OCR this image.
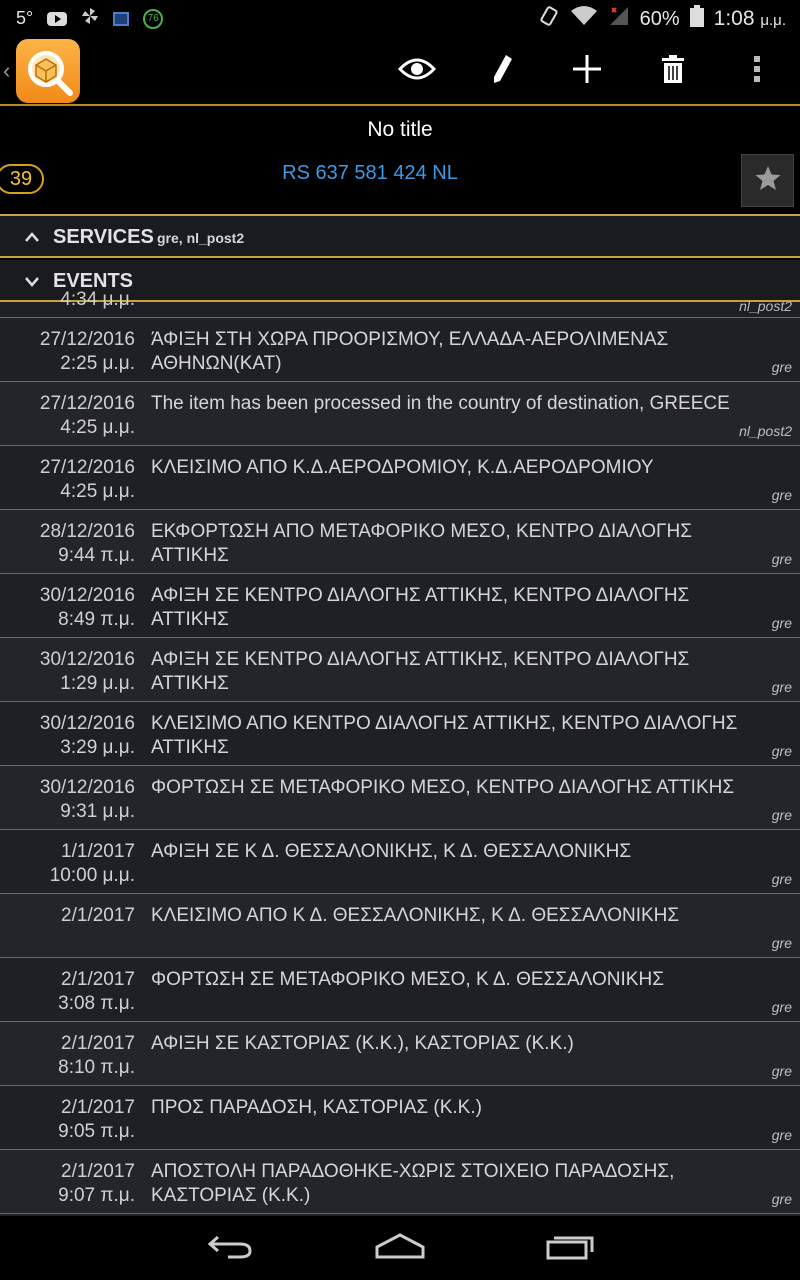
5°	76	60% 1:08 μ.μ.
‹
No title
39	RS 637 581 424 NL
SERVICES gre, nl_post2
EVENTS
4:34 μ.μ.	nl_post2
27/12/2016
2:25 μ.μ.
ΆΦΙΞΗ ΣΤΗ ΧΩΡΑ ΠΡΟΟΡΙΣΜΟΥ, ΕΛΛΑΔΑ-ΑΕΡΟΛΙΜΕΝΑΣ ΑΘΗΝΩΝ(ΚΑΤ)	gre
27/12/2016
4:25 μ.μ.
The item has been processed in the country of destination, GREECE
nl_post2
27/12/2016
4:25 μ.μ.
ΚΛΕΙΣΙΜΟ ΑΠΟ Κ.Δ.ΑΕΡΟΔΡΟΜΙΟΥ, Κ.Δ.ΑΕΡΟΔΡΟΜΙΟΥ
gre
28/12/2016
9:44 π.μ.
ΕΚΦΟΡΤΩΣΗ ΑΠΟ ΜΕΤΑΦΟΡΙΚΟ ΜΕΣΟ, ΚΕΝΤΡΟ ΔΙΑΛΟΓΗΣ ΑΤΤΙΚΗΣ	gre
30/12/2016
8:49 π.μ.
ΑΦΙΞΗ ΣΕ ΚΕΝΤΡΟ ΔΙΑΛΟΓΗΣ ΑΤΤΙΚΗΣ, ΚΕΝΤΡΟ ΔΙΑΛΟΓΗΣ ΑΤΤΙΚΗΣ	gre
30/12/2016
1:29 μ.μ.
ΑΦΙΞΗ ΣΕ ΚΕΝΤΡΟ ΔΙΑΛΟΓΗΣ ΑΤΤΙΚΗΣ, ΚΕΝΤΡΟ ΔΙΑΛΟΓΗΣ ΑΤΤΙΚΗΣ	gre
30/12/2016
3:29 μ.μ.
ΚΛΕΙΣΙΜΟ ΑΠΟ ΚΕΝΤΡΟ ΔΙΑΛΟΓΗΣ ΑΤΤΙΚΗΣ, ΚΕΝΤΡΟ ΔΙΑΛΟΓΗΣ ΑΤΤΙΚΗΣ	gre
30/12/2016
9:31 μ.μ.
ΦΟΡΤΩΣΗ ΣΕ ΜΕΤΑΦΟΡΙΚΟ ΜΕΣΟ, ΚΕΝΤΡΟ ΔΙΑΛΟΓΗΣ ΑΤΤΙΚΗΣ
gre
1/1/2017
10:00 μ.μ.
ΑΦΙΞΗ ΣΕ Κ Δ. ΘΕΣΣΑΛΟΝΙΚΗΣ, Κ Δ. ΘΕΣΣΑΛΟΝΙΚΗΣ
gre
2/1/2017 ΚΛΕΙΣΙΜΟ ΑΠΟ Κ Δ. ΘΕΣΣΑΛΟΝΙΚΗΣ, Κ Δ. ΘΕΣΣΑΛΟΝΙΚΗΣ
gre
2/1/2017
3:08 π.μ.
ΦΟΡΤΩΣΗ ΣΕ ΜΕΤΑΦΟΡΙΚΟ ΜΕΣΟ, Κ Δ. ΘΕΣΣΑΛΟΝΙΚΗΣ
gre
2/1/2017
8:10 π.μ.
ΑΦΙΞΗ ΣΕ ΚΑΣΤΟΡΙΑΣ (Κ.Κ.), ΚΑΣΤΟΡΙΑΣ (Κ.Κ.)
gre
2/1/2017
9:05 π.μ.
ΠΡΟΣ ΠΑΡΑΔΟΣΗ, ΚΑΣΤΟΡΙΑΣ (Κ.Κ.)
gre
2/1/2017
9:07 π.μ.
ΑΠΟΣΤΟΛΗ ΠΑΡΑΔΟΘΗΚΕ-ΧΩΡΙΣ ΣΤΟΙΧΕΙΟ ΠΑΡΑΔΟΣΗΣ, ΚΑΣΤΟΡΙΑΣ (Κ.Κ.)	gre
